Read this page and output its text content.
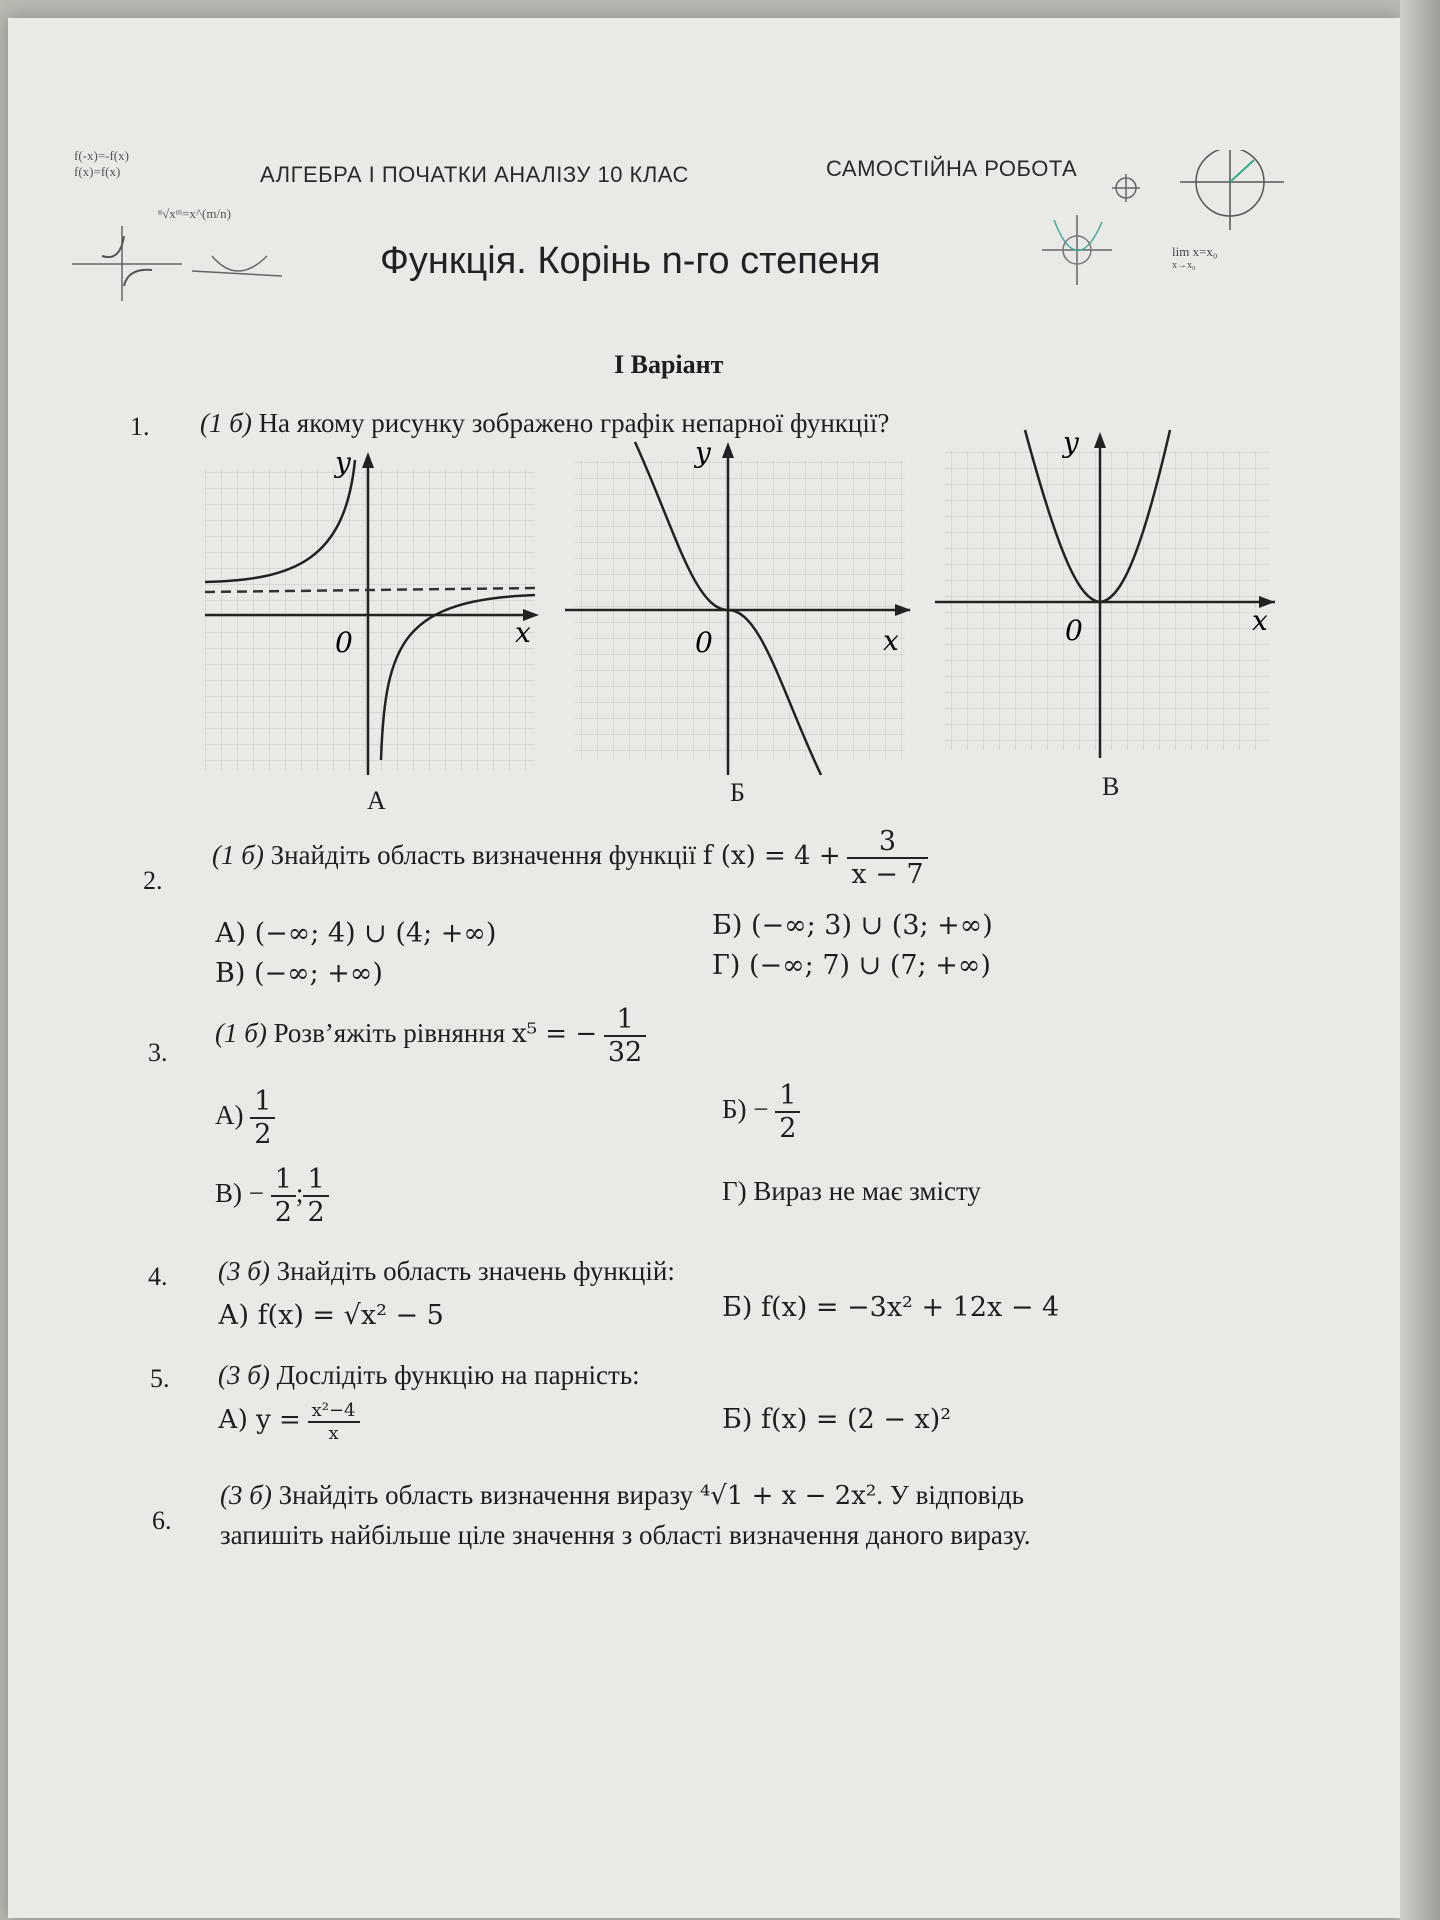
АЛГЕБРА І ПОЧАТКИ АНАЛІЗУ 10 КЛАС	САМОСТІЙНА РОБОТА
Функція. Корінь n-го степеня
І Варіант
f(-x)=-f(x)
f(x)=f(x)
ⁿ√xᵐ=x^(m/n)
lim x=x₀
x→x₀
1. (1 б) На якому рисунку зображено графік непарної функції?
0	x
y
А
0	x
y
Б
0	x
y
В
2.
(1 б) Знайдіть область визначення функції f $(x) = 4 + \frac{3}{x - 7}$
А) (−∞; 4) ∪ (4; +∞)	Б) (−∞; 3) ∪ (3; +∞)
В) (−∞; +∞)	Г) (−∞; 7) ∪ (7; +∞)
3.
(1 б) Розв’яжіть рівняння x⁵ = − $\frac{1}{32}$
$А) \frac{1}{2}$	$Б) - \frac{1}{2}$
$В) - \frac{1}{2}$ ; $\frac{1}{2}$	Г) Вираз не має змісту
4. (3 б) Знайдіть область значень функцій:
А) f(x) = √x² − 5	Б) f(x) = −3x² + 12x − 4
5. (3 б) Дослідіть функцію на парність:
А) $y = \frac{\text{x²−4}}{x}$	Б) f(x) = (2 − x)²
6.
(3 б) Знайдіть область визначення виразу ⁴√1 + x − 2x². У відповідь
запишіть найбільше ціле значення з області визначення даного виразу.
